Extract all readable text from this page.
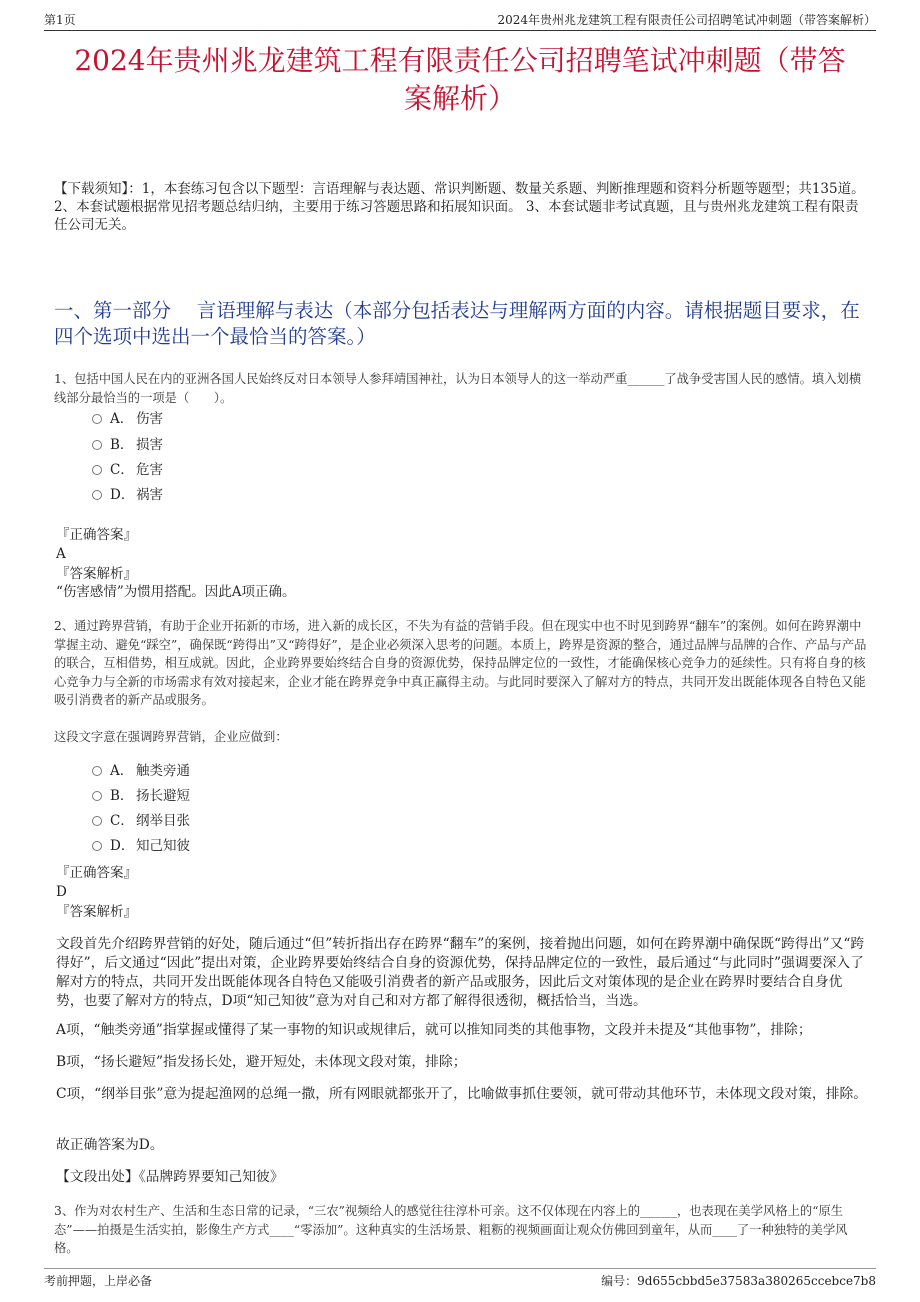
第1页	2024年贵州兆龙建筑工程有限责任公司招聘笔试冲刺题（带答案解析）
2024年贵州兆龙建筑工程有限责任公司招聘笔试冲刺题（带答
案解析）
【下载须知】：1，本套练习包含以下题型：言语理解与表达题、常识判断题、数量关系题、判断推理题和资料分析题等题型；共135道。 2、本套试题根据常见招考题总结归纳，主要用于练习答题思路和拓展知识面。 3、本套试题非考试真题，且与贵州兆龙建筑工程有限责任公司无关。
一、第一部分　 言语理解与表达（本部分包括表达与理解两方面的内容。请根据题目要求，在四个选项中选出一个最恰当的答案。）
1、包括中国人民在内的亚洲各国人民始终反对日本领导人参拜靖国神社，认为日本领导人的这一举动严重______了战争受害国人民的感情。填入划横线部分最恰当的一项是（　　）。
A． 伤害
B． 损害
C． 危害
D． 祸害
『正确答案』
A
『答案解析』
“伤害感情”为惯用搭配。因此A项正确。
2、通过跨界营销，有助于企业开拓新的市场，进入新的成长区，不失为有益的营销手段。但在现实中也不时见到跨界“翻车”的案例。如何在跨界潮中掌握主动、避免“踩空”，确保既“跨得出”又“跨得好”，是企业必须深入思考的问题。本质上，跨界是资源的整合，通过品牌与品牌的合作、产品与产品的联合，互相借势，相互成就。因此，企业跨界要始终结合自身的资源优势，保持品牌定位的一致性，才能确保核心竞争力的延续性。只有将自身的核心竞争力与全新的市场需求有效对接起来，企业才能在跨界竞争中真正赢得主动。与此同时要深入了解对方的特点，共同开发出既能体现各自特色又能吸引消费者的新产品或服务。
这段文字意在强调跨界营销，企业应做到：
A． 触类旁通
B． 扬长避短
C． 纲举目张
D． 知己知彼
『正确答案』
D
『答案解析』
文段首先介绍跨界营销的好处，随后通过“但”转折指出存在跨界“翻车”的案例，接着抛出问题，如何在跨界潮中确保既“跨得出”又“跨得好”，后文通过“因此”提出对策，企业跨界要始终结合自身的资源优势，保持品牌定位的一致性，最后通过“与此同时”强调要深入了解对方的特点，共同开发出既能体现各自特色又能吸引消费者的新产品或服务，因此后文对策体现的是企业在跨界时要结合自身优势，也要了解对方的特点，D项“知己知彼”意为对自己和对方都了解得很透彻，概括恰当，当选。
A项，“触类旁通”指掌握或懂得了某一事物的知识或规律后，就可以推知同类的其他事物，文段并未提及“其他事物”，排除；
B项，“扬长避短”指发扬长处，避开短处，未体现文段对策，排除；
C项，“纲举目张”意为提起渔网的总绳一撒，所有网眼就都张开了，比喻做事抓住要领，就可带动其他环节，未体现文段对策，排除。
故正确答案为D。
【文段出处】《品牌跨界要知己知彼》
3、作为对农村生产、生活和生态日常的记录，“三农”视频给人的感觉往往淳朴可亲。这不仅体现在内容上的______，也表现在美学风格上的“原生态”——拍摄是生活实拍，影像生产方式____“零添加”。这种真实的生活场景、粗粝的视频画面让观众仿佛回到童年，从而____了一种独特的美学风格。
考前押题，上岸必备	编号：9d655cbbd5e37583a380265ccebce7b8
